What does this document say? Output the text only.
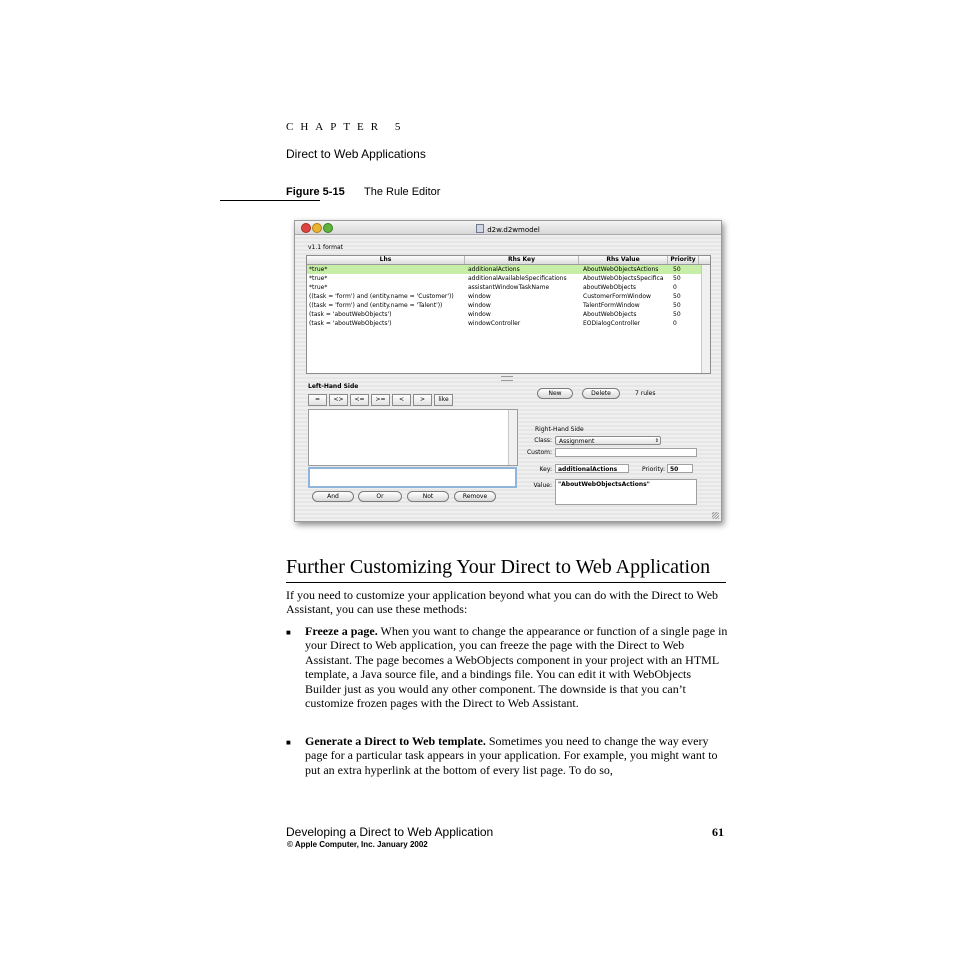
CHAPTER 5
Direct to Web Applications
Figure 5-15 The Rule Editor
d2w.d2wmodel
v1.1 format
Lhs	Rhs Key	Rhs Value	Priority
*true*	additionalActions	AboutWebObjectsActions	50
*true*	additionalAvailableSpecifications	AboutWebObjectsSpecifica	50
*true*	assistantWindowTaskName	aboutWebObjects	0
((task = 'form') and (entity.name = 'Customer'))	window	CustomerFormWindow	50
((task = 'form') and (entity.name = 'Talent'))	window	TalentFormWindow	50
(task = 'aboutWebObjects')	window	AboutWebObjects	50
(task = 'aboutWebObjects')	windowController	EODialogController	0
Left-Hand Side
=	<>	<=	>=	<	>	like
And	Or	Not	Remove
New	Delete	7 rules
Right-Hand Side
Class:	Assignment	⇕
Custom:
Key:	additionalActions	Priority: 50
Value:	"AboutWebObjectsActions"
Further Customizing Your Direct to Web Application
If you need to customize your application beyond what you can do with the Direct to Web Assistant, you can use these methods:
■ Freeze a page. When you want to change the appearance or function of a single page in your Direct to Web application, you can freeze the page with the Direct to Web Assistant. The page becomes a WebObjects component in your project with an HTML template, a Java source file, and a bindings file. You can edit it with WebObjects Builder just as you would any other component. The downside is that you can’t customize frozen pages with the Direct to Web Assistant.
■ Generate a Direct to Web template. Sometimes you need to change the way every page for a particular task appears in your application. For example, you might want to put an extra hyperlink at the bottom of every list page. To do so,
Developing a Direct to Web Application	61
© Apple Computer, Inc. January 2002
